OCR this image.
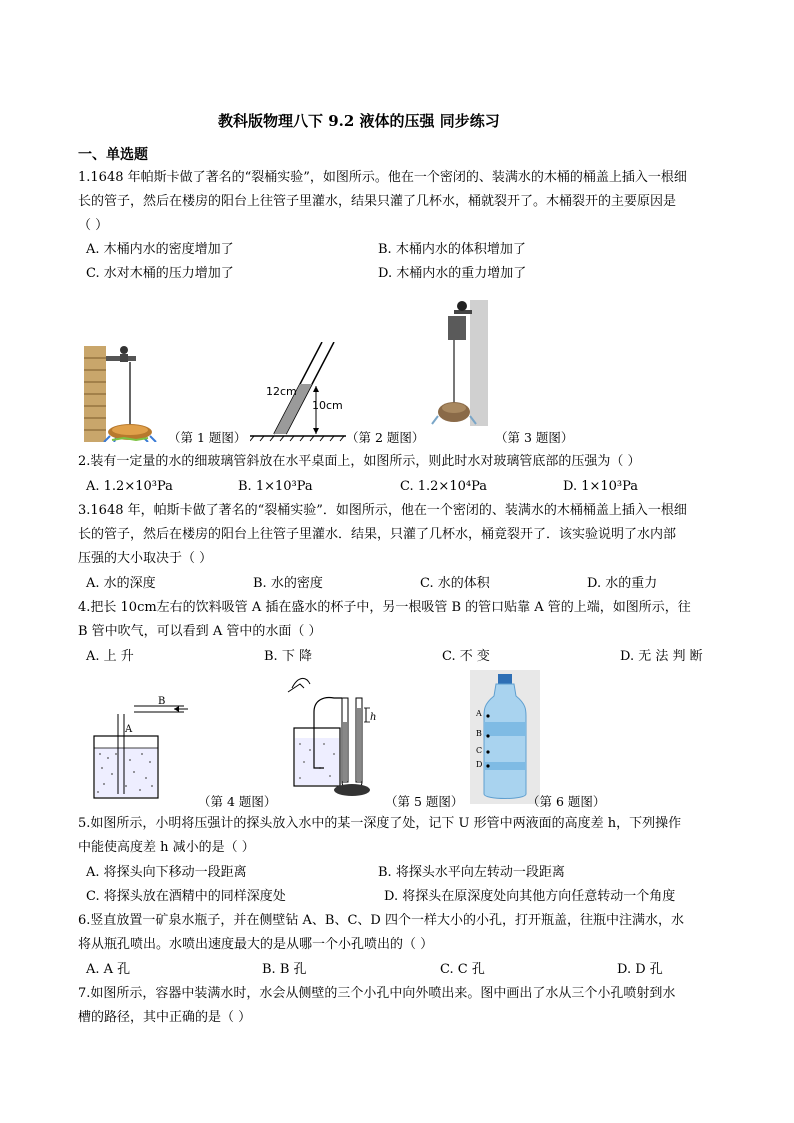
教科版物理八下 9.2 液体的压强 同步练习
一、单选题
1.1648 年帕斯卡做了著名的“裂桶实验”，如图所示。他在一个密闭的、装满水的木桶的桶盖上插入一根细
长的管子，然后在楼房的阳台上往管子里灌水，结果只灌了几杯水，桶就裂开了。木桶裂开的主要原因是
（ ）
A. 木桶内水的密度增加了	B. 木桶内水的体积增加了
C. 水对木桶的压力增加了	D. 木桶内水的重力增加了
（第 1 题图）
12cm
10cm
（第 2 题图）	（第 3 题图）
2.装有一定量的水的细玻璃管斜放在水平桌面上，如图所示，则此时水对玻璃管底部的压强为（ ）
A. 1.2×10³Pa	B. 1×10³Pa	C. 1.2×10⁴Pa	D. 1×10³Pa
3.1648 年，帕斯卡做了著名的“裂桶实验”．如图所示，他在一个密闭的、装满水的木桶桶盖上插入一根细
长的管子，然后在楼房的阳台上往管子里灌水．结果，只灌了几杯水，桶竟裂开了．该实验说明了水内部
压强的大小取决于（ ）
A. 水的深度	B. 水的密度	C. 水的体积	D. 水的重力
4.把长 10cm左右的饮料吸管 A 插在盛水的杯子中，另一根吸管 B 的管口贴靠 A 管的上端，如图所示，往
B 管中吹气，可以看到 A 管中的水面（ ）
A. 上 升	B. 下 降	C. 不 变	D. 无 法 判 断
B
A
（第 4 题图）
h
（第 5 题图）
A
B
C
D
（第 6 题图）
5.如图所示，小明将压强计的探头放入水中的某一深度了处，记下 U 形管中两液面的高度差 h，下列操作
中能使高度差 h 减小的是（ ）
A. 将探头向下移动一段距离	B. 将探头水平向左转动一段距离
C. 将探头放在酒精中的同样深度处	D. 将探头在原深度处向其他方向任意转动一个角度
6.竖直放置一矿泉水瓶子，并在侧壁钻 A、B、C、D 四个一样大小的小孔，打开瓶盖，往瓶中注满水，水
将从瓶孔喷出。水喷出速度最大的是从哪一个小孔喷出的（ ）
A. A 孔	B. B 孔	C. C 孔	D. D 孔
7.如图所示，容器中装满水时，水会从侧壁的三个小孔中向外喷出来。图中画出了水从三个小孔喷射到水
槽的路径，其中正确的是（ ）
